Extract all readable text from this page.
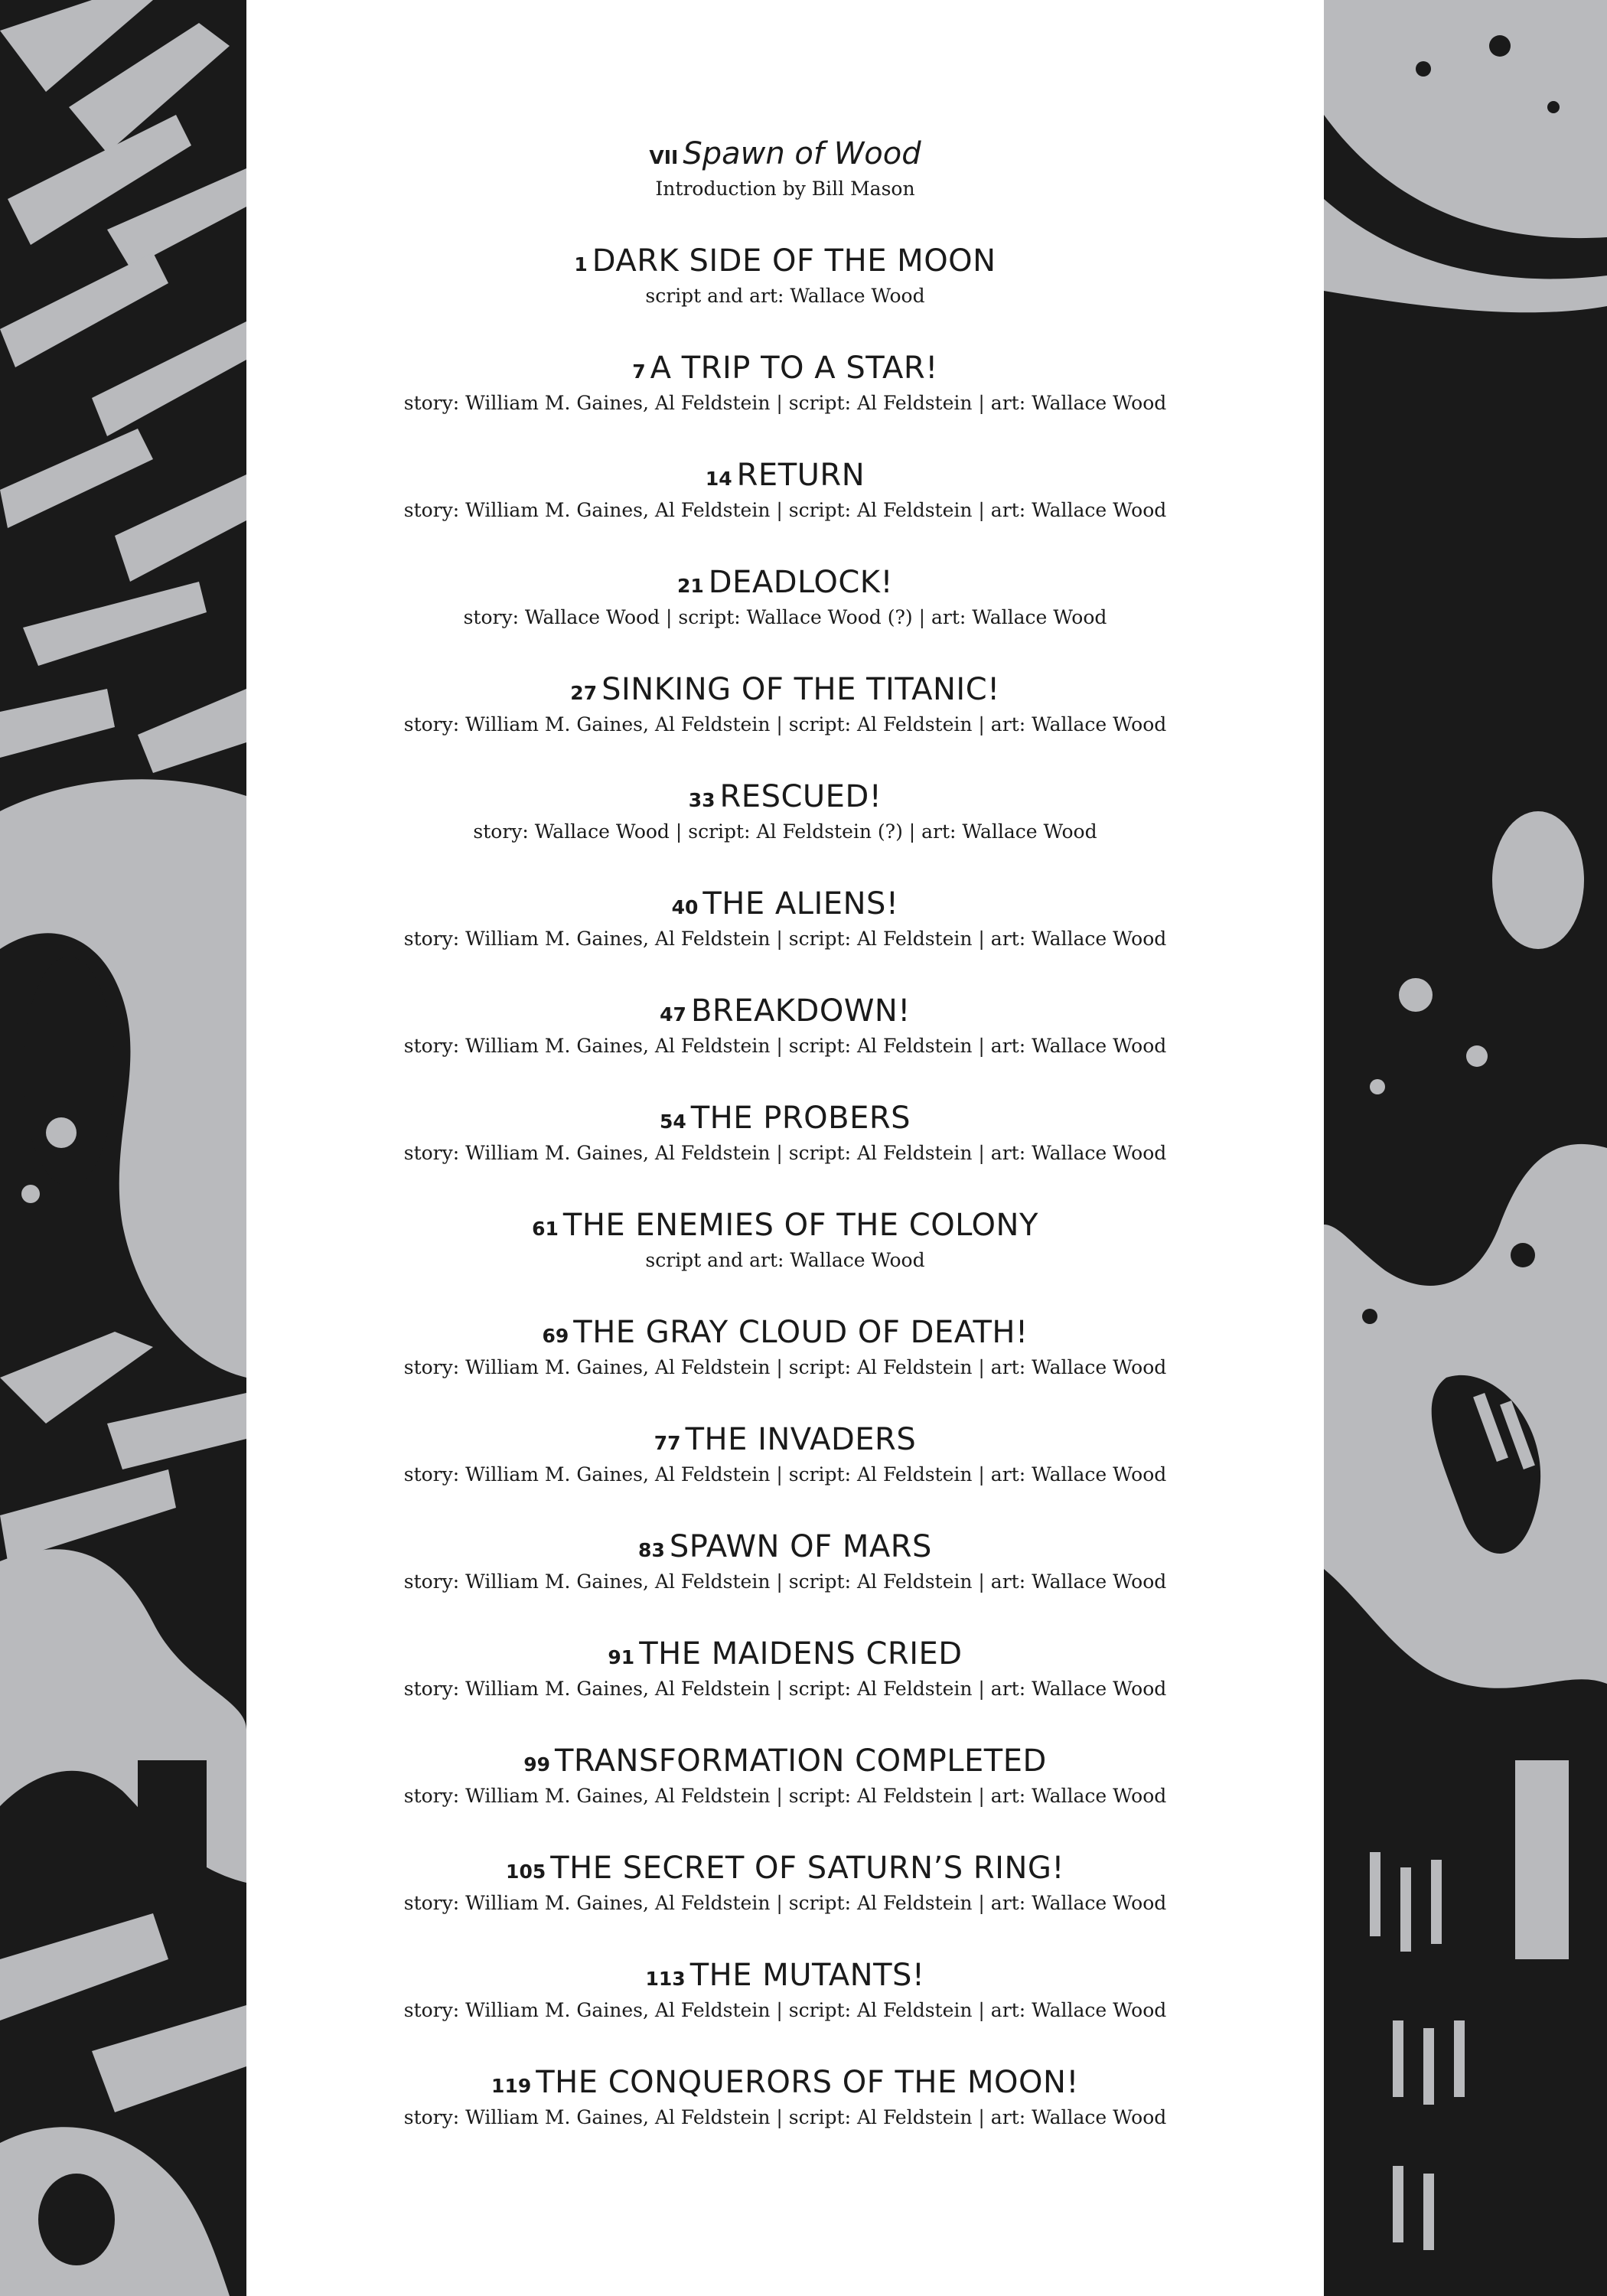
VII Spawn of Wood
Introduction by Bill Mason
1 DARK SIDE OF THE MOON
script and art: Wallace Wood
7 A TRIP TO A STAR!
story: William M. Gaines, Al Feldstein | script: Al Feldstein | art: Wallace Wood
14 RETURN
story: William M. Gaines, Al Feldstein | script: Al Feldstein | art: Wallace Wood
21 DEADLOCK!
story: Wallace Wood | script: Wallace Wood (?) | art: Wallace Wood
27 SINKING OF THE TITANIC!
story: William M. Gaines, Al Feldstein | script: Al Feldstein | art: Wallace Wood
33 RESCUED!
story: Wallace Wood | script: Al Feldstein (?) | art: Wallace Wood
40 THE ALIENS!
story: William M. Gaines, Al Feldstein | script: Al Feldstein | art: Wallace Wood
47 BREAKDOWN!
story: William M. Gaines, Al Feldstein | script: Al Feldstein | art: Wallace Wood
54 THE PROBERS
story: William M. Gaines, Al Feldstein | script: Al Feldstein | art: Wallace Wood
61 THE ENEMIES OF THE COLONY
script and art: Wallace Wood
69 THE GRAY CLOUD OF DEATH!
story: William M. Gaines, Al Feldstein | script: Al Feldstein | art: Wallace Wood
77 THE INVADERS
story: William M. Gaines, Al Feldstein | script: Al Feldstein | art: Wallace Wood
83 SPAWN OF MARS
story: William M. Gaines, Al Feldstein | script: Al Feldstein | art: Wallace Wood
91 THE MAIDENS CRIED
story: William M. Gaines, Al Feldstein | script: Al Feldstein | art: Wallace Wood
99 TRANSFORMATION COMPLETED
story: William M. Gaines, Al Feldstein | script: Al Feldstein | art: Wallace Wood
105 THE SECRET OF SATURN’S RING!
story: William M. Gaines, Al Feldstein | script: Al Feldstein | art: Wallace Wood
113 THE MUTANTS!
story: William M. Gaines, Al Feldstein | script: Al Feldstein | art: Wallace Wood
119 THE CONQUERORS OF THE MOON!
story: William M. Gaines, Al Feldstein | script: Al Feldstein | art: Wallace Wood
